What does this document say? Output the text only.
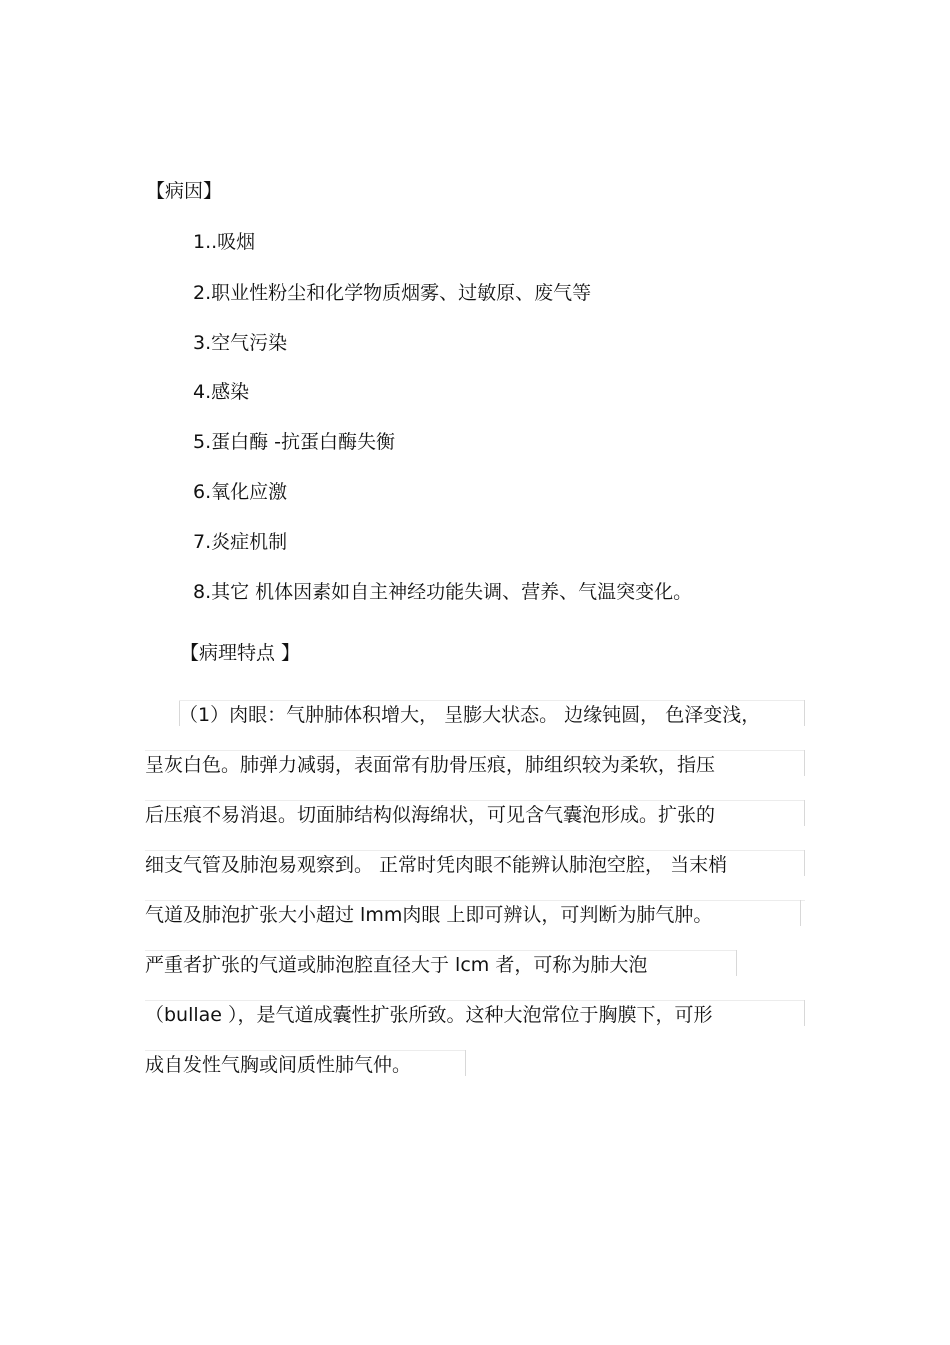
【病因】
1..吸烟
2.职业性粉尘和化学物质烟雾、过敏原、废气等
3.空气污染
4.感染
5.蛋白酶 -抗蛋白酶失衡
6.氧化应激
7.炎症机制
8.其它 机体因素如自主神经功能失调、营养、气温突变化。
【病理特点 】
（1）肉眼：气肿肺体积增大， 呈膨大状态。 边缘钝圆， 色泽变浅，
呈灰白色。肺弹力减弱，表面常有肋骨压痕，肺组织较为柔软，指压
后压痕不易消退。切面肺结构似海绵状，可见含气囊泡形成。扩张的
细支气管及肺泡易观察到。 正常时凭肉眼不能辨认肺泡空腔， 当末梢
气道及肺泡扩张大小超过 lmm肉眼 上即可辨认，可判断为肺气肿。
严重者扩张的气道或肺泡腔直径大于 lcm 者，可称为肺大泡
（bullae ），是气道成囊性扩张所致。这种大泡常位于胸膜下，可形
成自发性气胸或间质性肺气仲。
